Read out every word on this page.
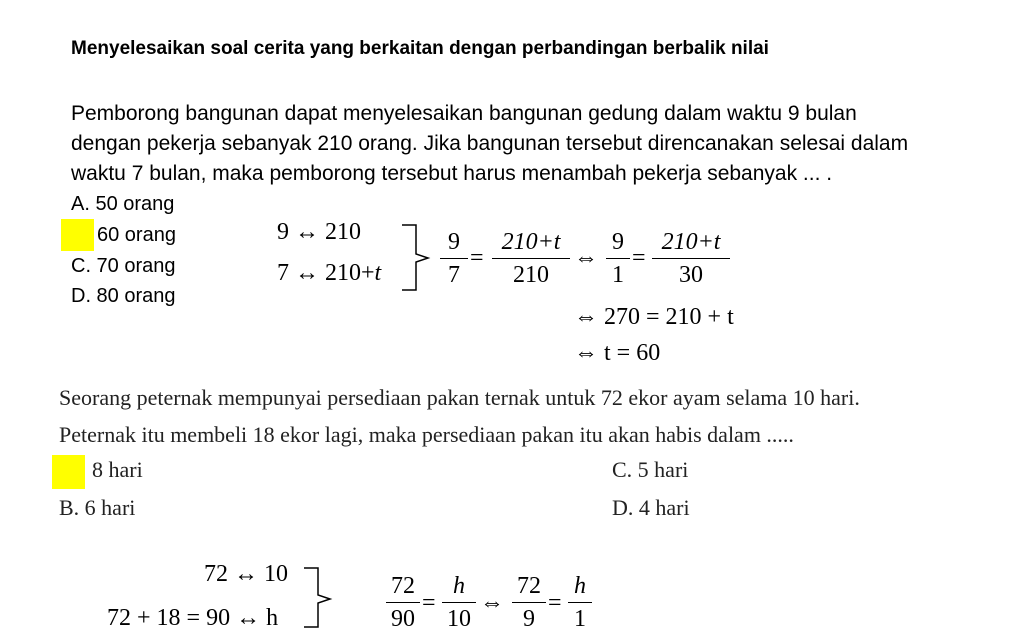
Menyelesaikan soal cerita yang berkaitan dengan perbandingan berbalik nilai
Pemborong bangunan dapat menyelesaikan bangunan gedung dalam waktu 9 bulan
dengan pekerja sebanyak 210 orang. Jika bangunan tersebut direncanakan selesai dalam
waktu 7 bulan, maka pemborong tersebut harus menambah pekerja sebanyak ... .
A. 50 orang
60 orang
C. 70 orang
D. 80 orang
9 ↔ 210
7 ↔ 210+t
9
7
=
210+t
210
⇔
9
1
=
210+t
30
⇔ 270 = 210 + t
⇔ t = 60
Seorang peternak mempunyai persediaan pakan ternak untuk 72 ekor ayam selama 10 hari.
Peternak itu membeli 18 ekor lagi, maka persediaan pakan itu akan habis dalam .....
8 hari
B. 6 hari
C. 5 hari
D. 4 hari
72 ↔ 10
72 + 18 = 90 ↔ h
72
90
=
h
10
⇔
72
9
=
h
1
